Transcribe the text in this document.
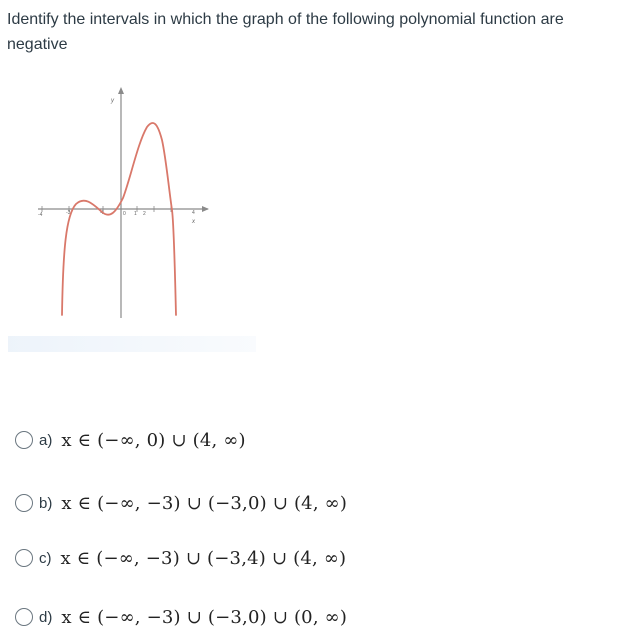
Identify the intervals in which the graph of the following polynomial function are negative
y
x
-4	-3	-1	0 1 2	4
a) x ∈ (−∞, 0) ∪ (4, ∞)
b) x ∈ (−∞, −3) ∪ (−3,0) ∪ (4, ∞)
c) x ∈ (−∞, −3) ∪ (−3,4) ∪ (4, ∞)
d) x ∈ (−∞, −3) ∪ (−3,0) ∪ (0, ∞)
